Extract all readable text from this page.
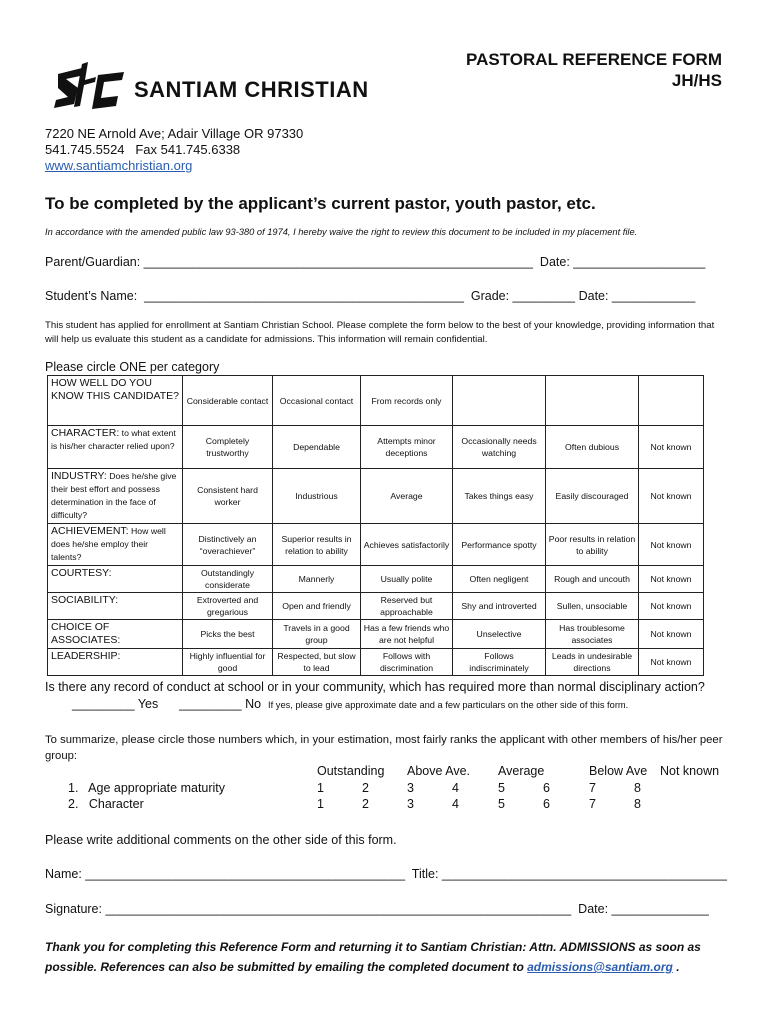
SANTIAM CHRISTIAN
PASTORAL REFERENCE FORM
JH/HS
7220 NE Arnold Ave; Adair Village OR 97330
541.745.5524   Fax 541.745.6338
www.santiamchristian.org
To be completed by the applicant’s current pastor, youth pastor, etc.
In accordance with the amended public law 93-380 of 1974, I hereby waive the right to review this document to be included in my placement file.
Parent/Guardian: ________________________________________________________  Date: ___________________
Student’s Name:  ______________________________________________  Grade: _________ Date: ____________
This student has applied for enrollment at Santiam Christian School. Please complete the form below to the best of your knowledge, providing information that will help us evaluate this student as a candidate for admissions. This information will remain confidential.
Please circle ONE per category
HOW WELL DO YOU KNOW THIS CANDIDATE?	Considerable contact	Occasional contact	From records only			
CHARACTER: to what extent is his/her character relied upon?	Completely trustworthy	Dependable	Attempts minor deceptions	Occasionally needs watching	Often dubious	Not known
INDUSTRY: Does he/she give their best effort and possess determination in the face of difficulty?	Consistent hard worker	Industrious	Average	Takes things easy	Easily discouraged	Not known
ACHIEVEMENT: How well does he/she employ their talents?	Distinctively an “overachiever”	Superior results in relation to ability	Achieves satisfactorily	Performance spotty	Poor results in relation to ability	Not known
COURTESY:	Outstandingly considerate	Mannerly	Usually polite	Often negligent	Rough and uncouth	Not known
SOCIABILITY:	Extroverted and gregarious	Open and friendly	Reserved but approachable	Shy and introverted	Sullen, unsociable	Not known
CHOICE OF ASSOCIATES:	Picks the best	Travels in a good group	Has a few friends who are not helpful	Unselective	Has troublesome associates	Not known
LEADERSHIP:	Highly influential for good	Respected, but slow to lead	Follows with discrimination	Follows indiscriminately	Leads in undesirable directions	Not known
Is there any record of conduct at school or in your community, which has required more than normal disciplinary action?
_________ Yes _________ No If yes, please give approximate date and a few particulars on the other side of this form.
To summarize, please circle those numbers which, in your estimation, most fairly ranks the applicant with other members of his/her peer group:
Outstanding Above Ave. Average	Below Ave Not known
1.   Age appropriate maturity	1	2	3	4	5	6	7	8
2.   Character	1	2	3	4	5	6	7	8
Please write additional comments on the other side of this form.
Name: ______________________________________________  Title: _________________________________________
Signature: ___________________________________________________________________  Date: ______________
Thank you for completing this Reference Form and returning it to Santiam Christian: Attn. ADMISSIONS as soon as possible. References can also be submitted by emailing the completed document to admissions@santiam.org .
